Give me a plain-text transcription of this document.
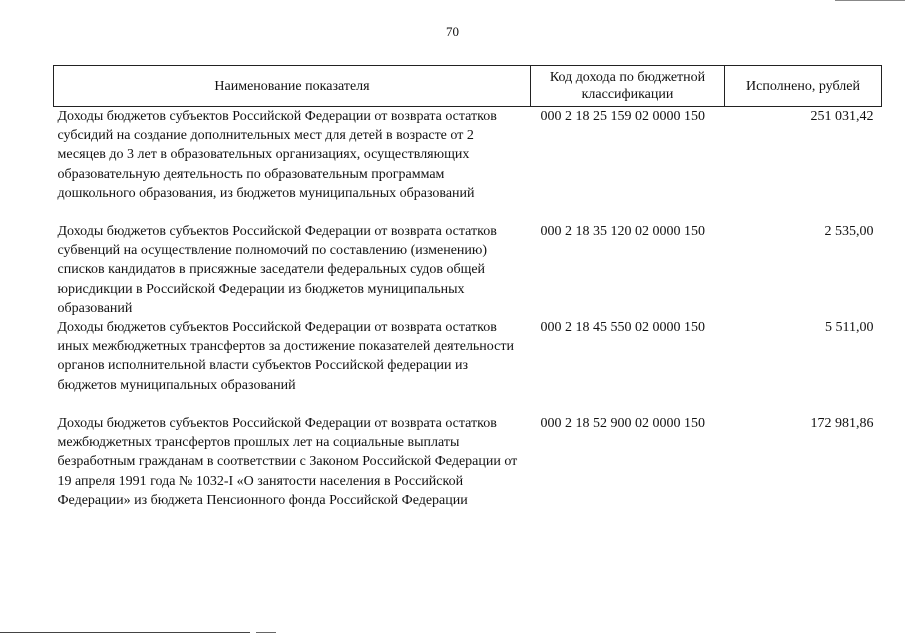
70
Наименование показателя	Код дохода по бюджетной классификации	Исполнено, рублей
Доходы бюджетов субъектов Российской Федерации от возврата остатков субсидий на создание дополнительных мест для детей в возрасте от 2 месяцев до 3 лет в образовательных организациях, осуществляющих образовательную деятельность по образовательным программам дошкольного образования, из бюджетов муниципальных образований	000 2 18 25 159 02 0000 150	251 031,42
Доходы бюджетов субъектов Российской Федерации от возврата остатков субвенций на осуществление полномочий по составлению (изменению) списков кандидатов в присяжные заседатели федеральных судов общей юрисдикции в Российской Федерации из бюджетов муниципальных образований	000 2 18 35 120 02 0000 150	2 535,00
Доходы бюджетов субъектов Российской Федерации от возврата остатков иных межбюджетных трансфертов за достижение показателей деятельности органов исполнительной власти субъектов Российской федерации из бюджетов муниципальных образований	000 2 18 45 550 02 0000 150	5 511,00
Доходы бюджетов субъектов Российской Федерации от возврата остатков межбюджетных трансфертов прошлых лет на социальные выплаты безработным гражданам в соответствии с Законом Российской Федерации от 19 апреля 1991 года № 1032-I «О занятости населения в Российской Федерации» из бюджета Пенсионного фонда Российской Федерации	000 2 18 52 900 02 0000 150	172 981,86
